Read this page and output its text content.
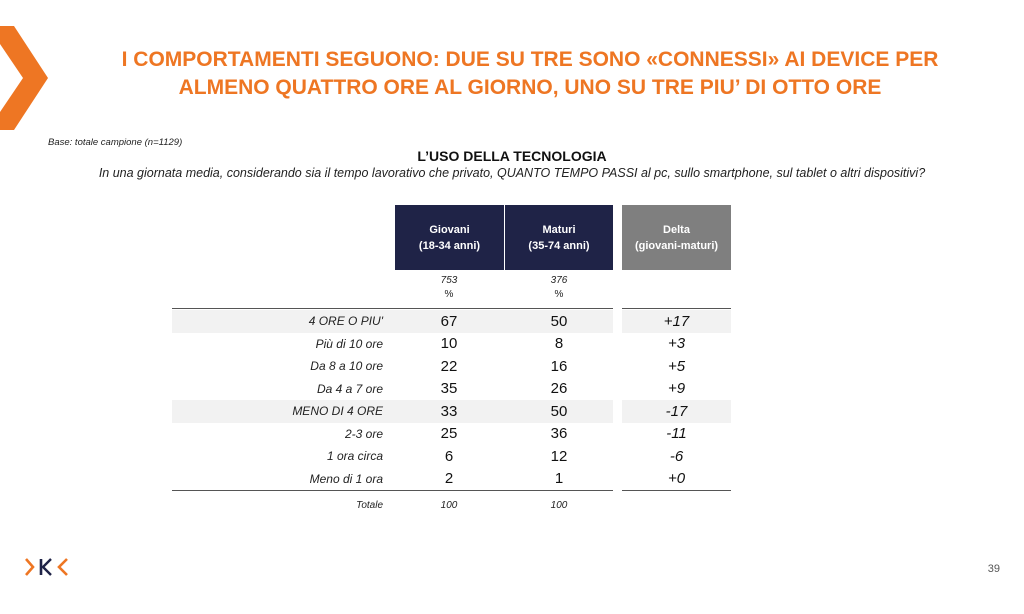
I COMPORTAMENTI SEGUONO: DUE SU TRE SONO «CONNESSI» AI DEVICE PER
ALMENO QUATTRO ORE AL GIORNO, UNO SU TRE PIU’ DI OTTO ORE
Base: totale campione (n=1129)
L’USO DELLA TECNOLOGIA
In una giornata media, considerando sia il tempo lavorativo che privato, QUANTO TEMPO PASSI al pc, sullo smartphone, sul tablet o altri dispositivi?
Giovani
(18-34 anni)
Maturi
(35-74 anni)
Delta
(giovani-maturi)
753
%
376
%
4 ORE O PIU'	67	50	+17
Più di 10 ore	10	8	+3
Da 8 a 10 ore	22	16	+5
Da 4 a 7 ore	35	26	+9
MENO DI 4 ORE	33	50	-17
2-3 ore	25	36	-11
1 ora circa	6	12	-6
Meno di 1 ora	2	1	+0
Totale	100	100
39
